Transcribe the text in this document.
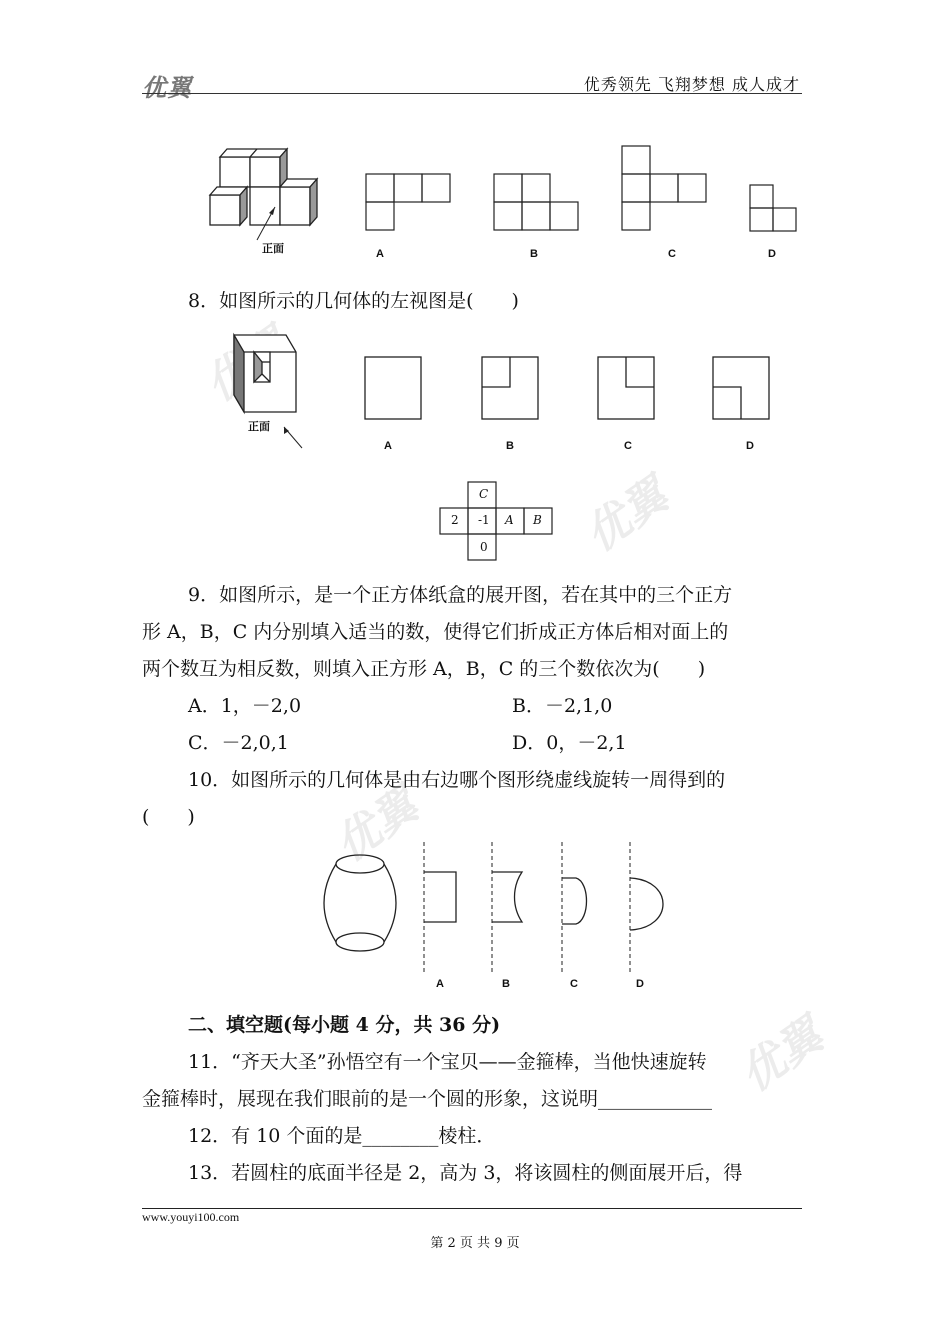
优翼	优秀领先 飞翔梦想 成人成才
优翼
优翼
优翼
正面	A	B	C	D
8．如图所示的几何体的左视图是(　　)
正面
A	B	C	D
C
2 -1 A B
0
9．如图所示，是一个正方体纸盒的展开图，若在其中的三个正方
形 A，B，C 内分别填入适当的数，使得它们折成正方体后相对面上的
两个数互为相反数，则填入正方形 A，B，C 的三个数依次为(　　)
A．1，－2,0	B．－2,1,0
C．－2,0,1	D．0，－2,1
10．如图所示的几何体是由右边哪个图形绕虚线旋转一周得到的
(　　)
A	B	C	D
二、填空题(每小题 4 分，共 36 分)
11．“齐天大圣”孙悟空有一个宝贝——金箍棒，当他快速旋转
金箍棒时，展现在我们眼前的是一个圆的形象，这说明____________
12．有 10 个面的是________棱柱．
13．若圆柱的底面半径是 2，高为 3，将该圆柱的侧面展开后，得
www.youyi100.com
第 2 页 共 9 页
